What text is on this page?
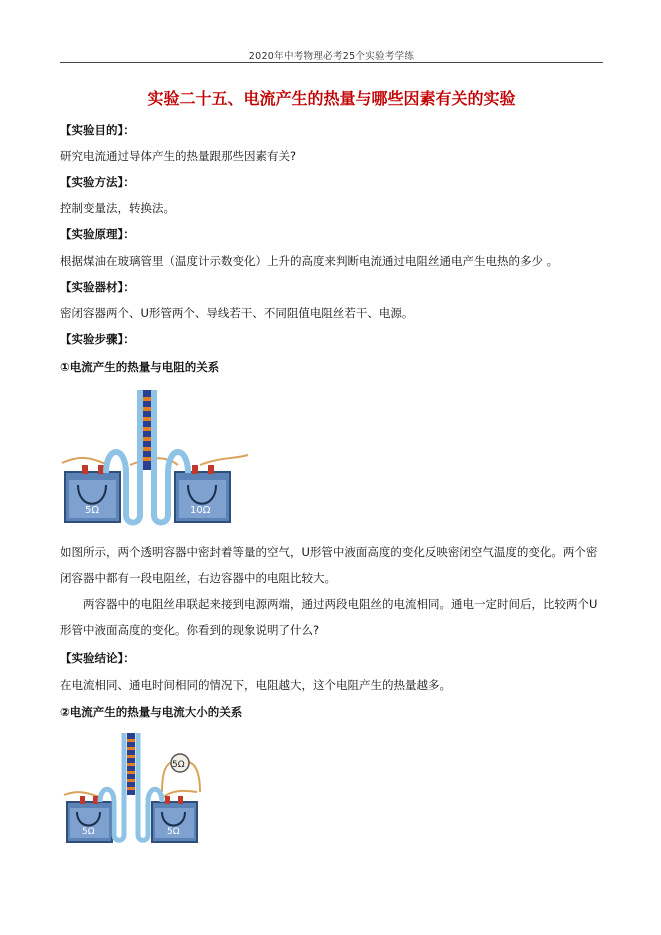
2020年中考物理必考25个实验考学练
实验二十五、电流产生的热量与哪些因素有关的实验
【实验目的】：
研究电流通过导体产生的热量跟那些因素有关?
【实验方法】：
控制变量法，转换法。
【实验原理】：
根据煤油在玻璃管里（温度计示数变化）上升的高度来判断电流通过电阻丝通电产生电热的多少 。
【实验器材】：
密闭容器两个、U形管两个、导线若干、不同阻值电阻丝若干、电源。
【实验步骤】：
①电流产生的热量与电阻的关系
5Ω	10Ω
如图所示，两个透明容器中密封着等量的空气，U形管中液面高度的变化反映密闭空气温度的变化。两个密闭容器中都有一段电阻丝，右边容器中的电阻比较大。
两容器中的电阻丝串联起来接到电源两端，通过两段电阻丝的电流相同。通电一定时间后，比较两个U形管中液面高度的变化。你看到的现象说明了什么?
【实验结论】：
在电流相同、通电时间相同的情况下，电阻越大，这个电阻产生的热量越多。
②电流产生的热量与电流大小的关系
5Ω
5Ω	5Ω
